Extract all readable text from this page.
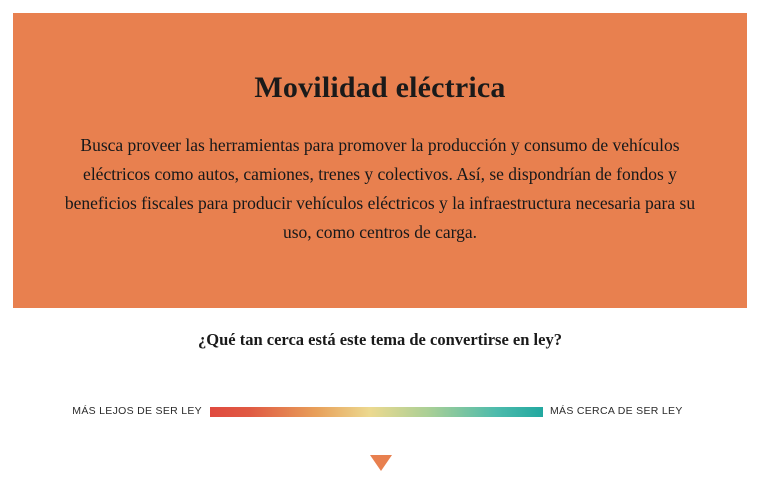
Movilidad eléctrica

Busca proveer las herramientas para promover la producción y consumo de vehículos eléctricos como autos, camiones, trenes y colectivos. Así, se dispondrían de fondos y beneficios fiscales para producir vehículos eléctricos y la infraestructura necesaria para su uso, como centros de carga.

¿Qué tan cerca está este tema de convertirse en ley?
MÁS LEJOS DE SER LEY	MÁS CERCA DE SER LEY
